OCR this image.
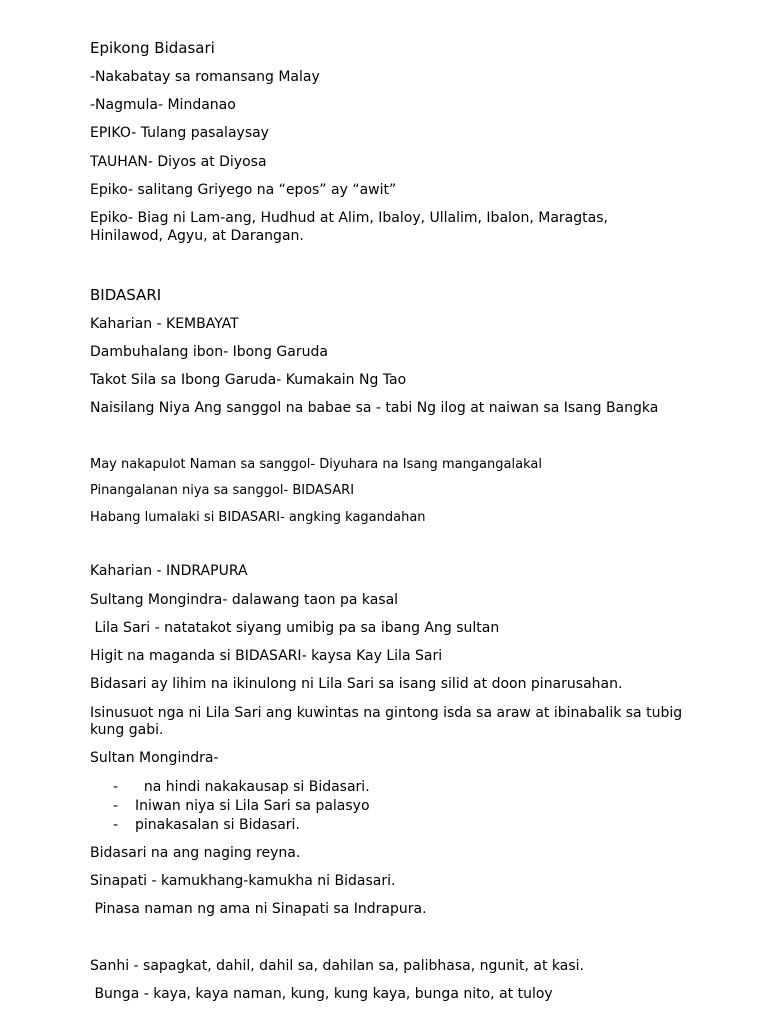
Epikong Bidasari

-Nakabatay sa romansang Malay

-Nagmula- Mindanao

EPIKO- Tulang pasalaysay

TAUHAN- Diyos at Diyosa

Epiko- salitang Griyego na “epos” ay “awit”

Epiko- Biag ni Lam-ang, Hudhud at Alim, Ibaloy, Ullalim, Ibalon, Maragtas,

Hinilawod, Agyu, at Darangan.

BIDASARI

Kaharian - KEMBAYAT

Dambuhalang ibon- Ibong Garuda

Takot Sila sa Ibong Garuda- Kumakain Ng Tao

Naisilang Niya Ang sanggol na babae sa - tabi Ng ilog at naiwan sa Isang Bangka

May nakapulot Naman sa sanggol- Diyuhara na Isang mangangalakal

Pinangalanan niya sa sanggol- BIDASARI

Habang lumalaki si BIDASARI- angking kagandahan

Kaharian - INDRAPURA

Sultang Mongindra- dalawang taon pa kasal

Lila Sari - natatakot siyang umibig pa sa ibang Ang sultan

Higit na maganda si BIDASARI- kaysa Kay Lila Sari

Bidasari ay lihim na ikinulong ni Lila Sari sa isang silid at doon pinarusahan.

Isinusuot nga ni Lila Sari ang kuwintas na gintong isda sa araw at ibinabalik sa tubig

kung gabi.

Sultan Mongindra-

-  na hindi nakakausap si Bidasari.
- Iniwan niya si Lila Sari sa palasyo
- pinakasalan si Bidasari.

Bidasari na ang naging reyna.

Sinapati - kamukhang-kamukha ni Bidasari.

Pinasa naman ng ama ni Sinapati sa Indrapura.

Sanhi - sapagkat, dahil, dahil sa, dahilan sa, palibhasa, ngunit, at kasi.

Bunga - kaya, kaya naman, kung, kung kaya, bunga nito, at tuloy
